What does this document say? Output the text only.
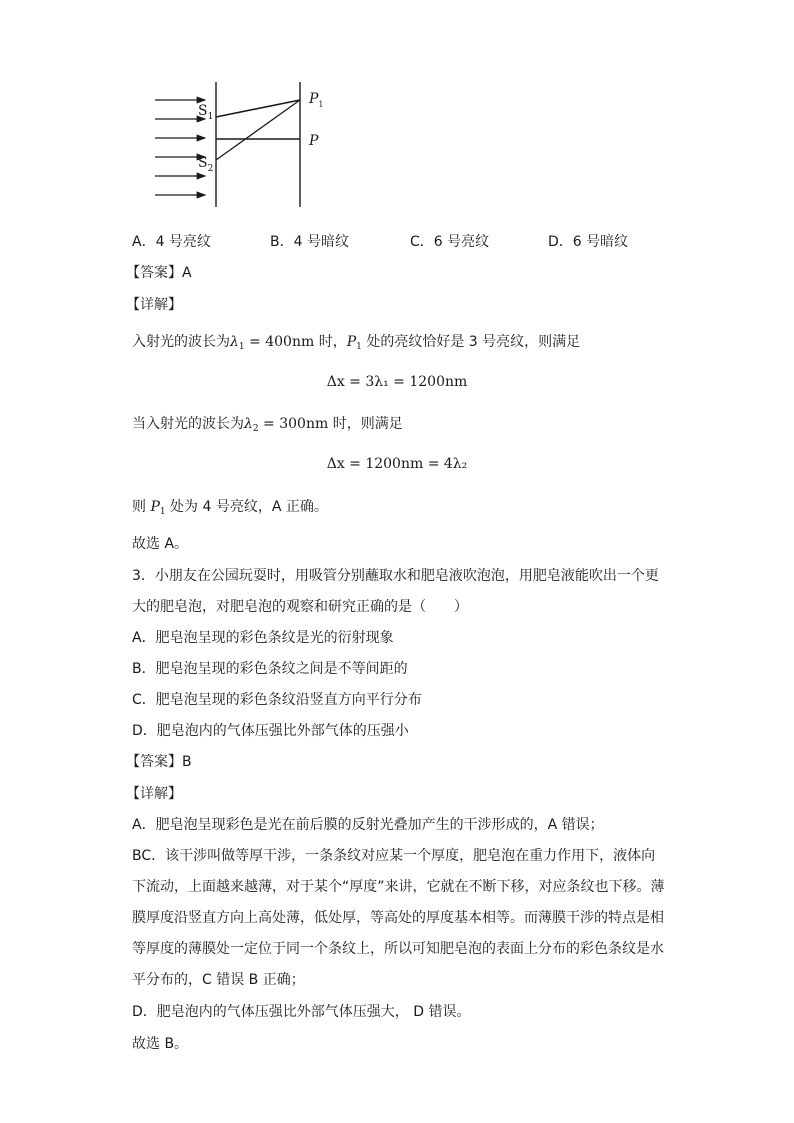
$S_1$
$S_2$
$P_1$
P
A．4 号亮纹	B．4 号暗纹	C．6 号亮纹	D．6 号暗纹
【答案】A
【详解】
入射光的波长为$\lambda_1 = 400nm$ 时，$P_1$ 处的亮纹恰好是 3 号亮纹，则满足
Δx = 3λ₁ = 1200nm
当入射光的波长为$\lambda_2 = 300nm$ 时，则满足
Δx = 1200nm = 4λ₂
则 $P_1$ 处为 4 号亮纹，A 正确。
故选 A。
3．小朋友在公园玩耍时，用吸管分别蘸取水和肥皂液吹泡泡，用肥皂液能吹出一个更
大的肥皂泡，对肥皂泡的观察和研究正确的是（　　）
A．肥皂泡呈现的彩色条纹是光的衍射现象
B．肥皂泡呈现的彩色条纹之间是不等间距的
C．肥皂泡呈现的彩色条纹沿竖直方向平行分布
D．肥皂泡内的气体压强比外部气体的压强小
【答案】B
【详解】
A．肥皂泡呈现彩色是光在前后膜的反射光叠加产生的干涉形成的，A 错误；
BC．该干涉叫做等厚干涉，一条条纹对应某一个厚度，肥皂泡在重力作用下，液体向
下流动，上面越来越薄，对于某个“厚度”来讲，它就在不断下移，对应条纹也下移。薄
膜厚度沿竖直方向上高处薄，低处厚，等高处的厚度基本相等。而薄膜干涉的特点是相
等厚度的薄膜处一定位于同一个条纹上，所以可知肥皂泡的表面上分布的彩色条纹是水
平分布的，C 错误 B 正确；
D．肥皂泡内的气体压强比外部气体压强大， D 错误。
故选 B。
